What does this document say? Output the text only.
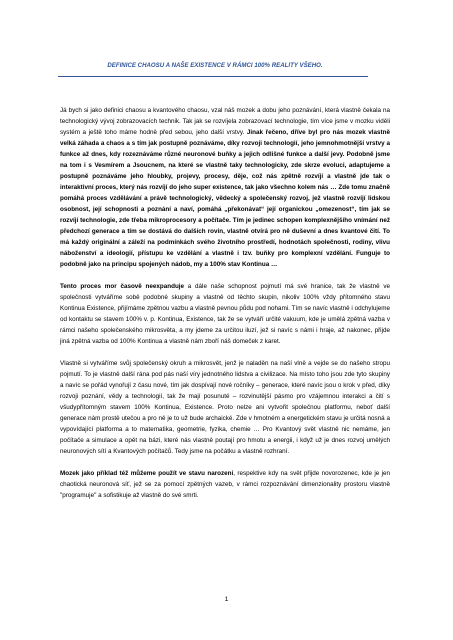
DEFINICE CHAOSU A NAŠE EXISTENCE V RÁMCI 100% REALITY VŠEHO.

Já bych si jako definici chaosu a kvantového chaosu, vzal náš mozek a dobu jeho poznávání, která vlastně čekala na technologický vývoj zobrazovacích technik. Tak jak se rozvíjela zobrazovací technologie, tím více jsme v mozku viděli systém a ještě toho máme hodně před sebou, jeho další vrstvy. Jinak řečeno, dříve byl pro nás mozek vlastně velká záhada a chaos a s tím jak postupně poznáváme, díky rozvoji technologií, jeho jemnohmotnější vrstvy a funkce až dnes, kdy rozeznáváme různé neuronové buňky a jejich odlišné funkce a další jevy. Podobně jsme na tom i s Vesmírem a Jsoucnem, na které se vlastně taky technologicky, zde skrze evoluci, adaptujeme a postupně poznáváme jeho hloubky, projevy, procesy, děje, což nás zpětně rozvíjí a vlastně jde tak o interaktivní proces, který nás rozvíjí do jeho super existence, tak jako všechno kolem nás … Zde tomu značně pomáhá proces vzdělávání a právě technologický, vědecký a společenský rozvoj, jež vlastně rozvíjí lidskou osobnost, její schopnosti a poznání a naví, pomáhá „překonávat“ její organickou „omezenost“, tím jak se rozvíjí technologie, zde třeba mikroprocesory a počítače. Tím je jedinec schopen komplexnějšího vnímání než předchozí generace a tím se dostává do dalších rovin, vlastně otvírá pro ně duševní a dnes kvantové čití. To má každý originální a záleží na podmínkách svého životního prostředí, hodnotách společnosti, rodiny, vlivu náboženství a ideologií, přístupu ke vzdělání a vlastně i tzv. buňky pro komplexní vzdělání. Funguje to podobně jako na principu spojených nádob, my a 100% stav Kontinua …

Tento proces mor časově neexpanduje a dále naše schopnost pojmutí má své hranice, tak že vlastně ve společnosti vytváříme sobě podobné skupiny a vlastně od těchto skupin, nikoliv 100% vždy přítomného stavu Kontinua Existence, přijímáme zpětnou vazbu a vlastně pevnou půdu pod nohami. Tím se navíc vlastně i odchylujeme od kontaktu se stavem 100% v. p. Kontinua, Existence, tak že se vytváří určité vakuum, kde je umělá zpětná vazba v rámci našeho společenského mikrosvěta, a my jdeme za určitou iluzí, jež si navíc s námi i hraje, až nakonec, přijde jiná zpětná vazba od 100% Kontinua a vlastně nám zboří náš domeček z karet.

Vlastně si vytváříme svůj společenský okruh a mikrosvět, jenž je naladěn na naší vlně a vejde se do našeho stropu pojmutí. To je vlastně další rána pod pás naší víry jednotného lidstva a civilizace. Na místo toho jsou zde tyto skupiny a navíc se pořád vynořují z času nové, tím jak dospívají nové ročníky – generace, které navíc jsou o krok v před, díky rozvoji poznání, vědy a technologií, tak že mají posunuté – rozvinutější pásmo pro vzájemnou interakci a čití s všudypřítomným stavem 100% Kontinua, Existence. Proto nelze ani vytvořit společnou platformu, neboť další generace nám prostě utečou a pro ně je to už bude archaické. Zde v hmotném a energetickém stavu je určitá nosná a vypovídající platforma a to matematika, geometrie, fyzika, chemie … Pro Kvantový svět vlastně nic nemáme, jen počítače a simulace a opět na bázi, které nás vlastně poutají pro hmotu a energii, i když už je dnes rozvoj umělých neuronových sítí a Kvantových počítačů. Tedy jsme na počátku a vlastně rozhraní.

Mozek jako příklad též můžeme použít ve stavu narození, respektive kdy na svět přijde novorozenec, kde je jen chaotická neuronová síť, jež se za pomocí zpětných vazeb, v rámci rozpoznávání dimenzionality prostoru vlastně "programuje" a sofistikuje až vlastně do své smrti.

1
